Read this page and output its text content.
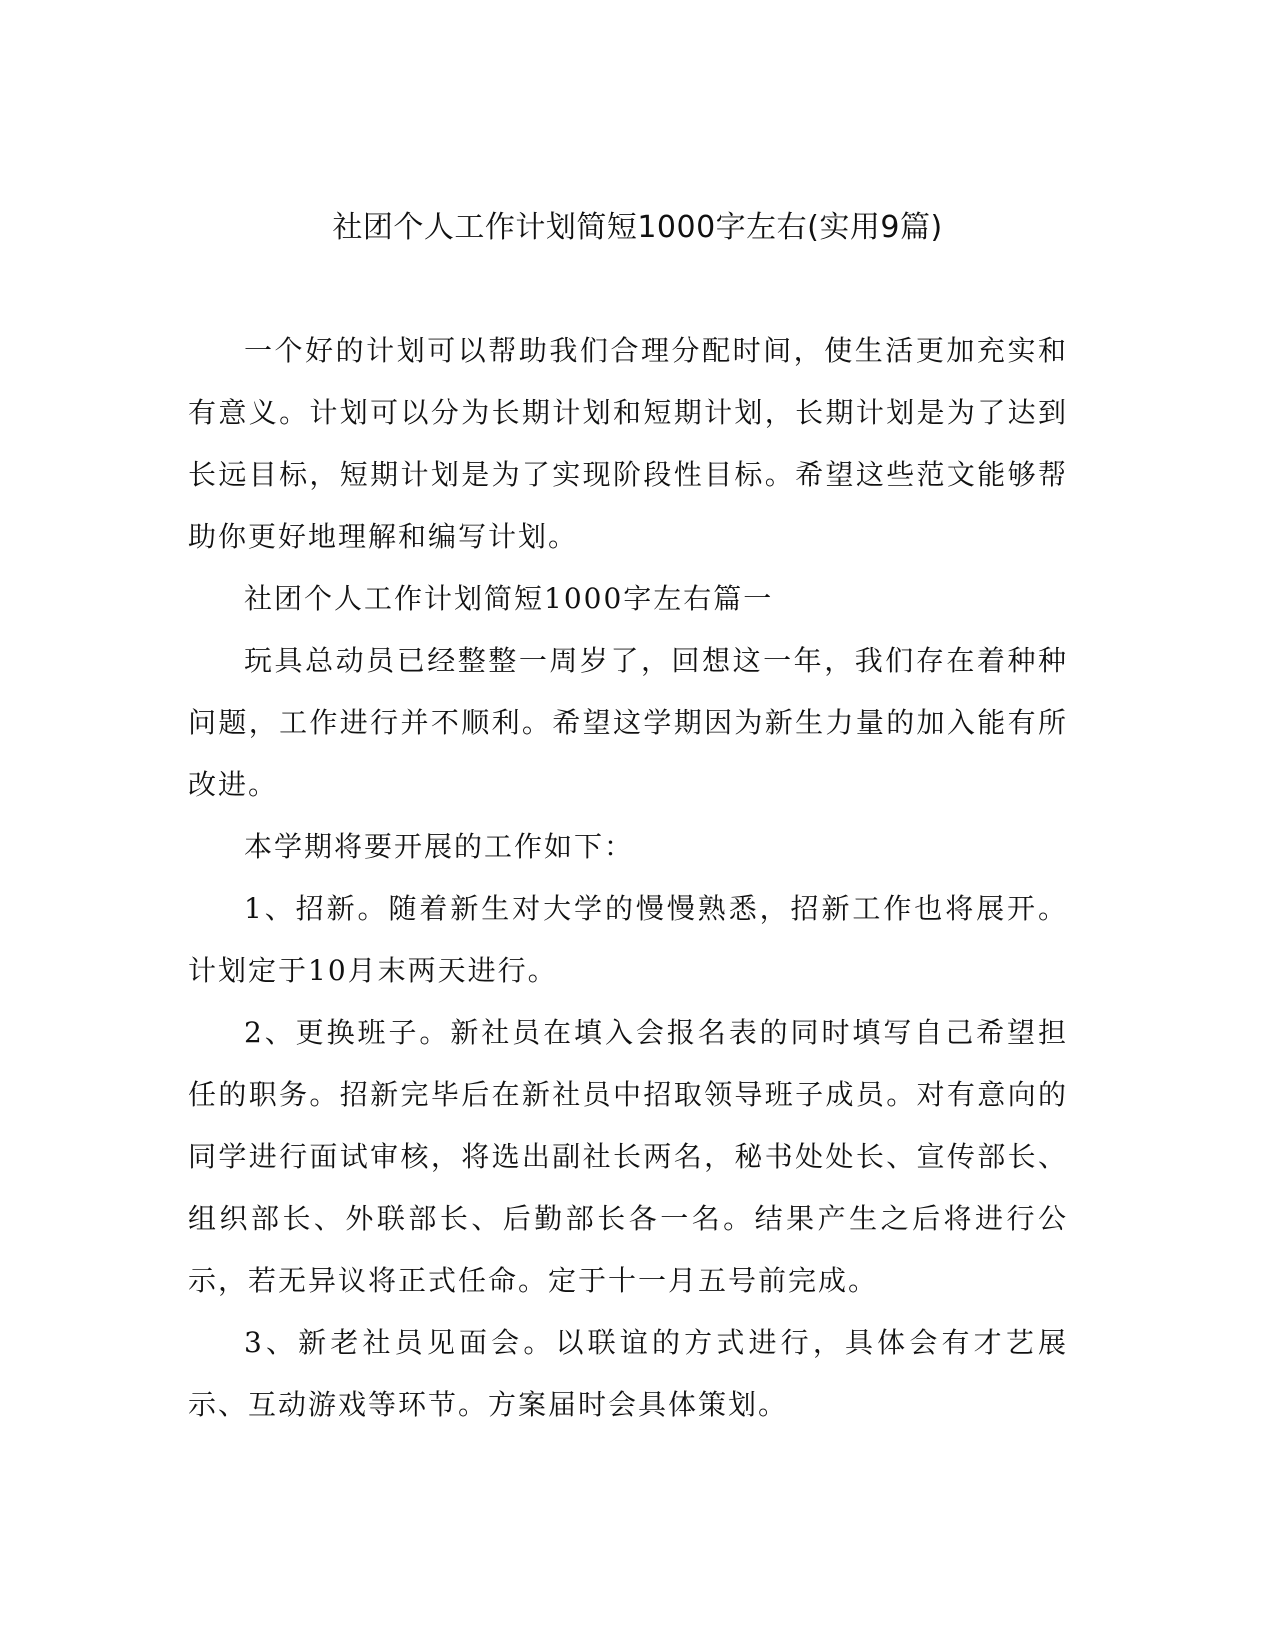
社团个人工作计划简短1000字左右(实用9篇)

一个好的计划可以帮助我们合理分配时间，使生活更加充实和有意义。计划可以分为长期计划和短期计划，长期计划是为了达到长远目标，短期计划是为了实现阶段性目标。希望这些范文能够帮助你更好地理解和编写计划。

社团个人工作计划简短1000字左右篇一

玩具总动员已经整整一周岁了，回想这一年，我们存在着种种问题，工作进行并不顺利。希望这学期因为新生力量的加入能有所改进。

本学期将要开展的工作如下：

1、招新。随着新生对大学的慢慢熟悉，招新工作也将展开。计划定于10月末两天进行。

2、更换班子。新社员在填入会报名表的同时填写自己希望担任的职务。招新完毕后在新社员中招取领导班子成员。对有意向的同学进行面试审核，将选出副社长两名，秘书处处长、宣传部长、组织部长、外联部长、后勤部长各一名。结果产生之后将进行公示，若无异议将正式任命。定于十一月五号前完成。

3、新老社员见面会。以联谊的方式进行，具体会有才艺展示、互动游戏等环节。方案届时会具体策划。
